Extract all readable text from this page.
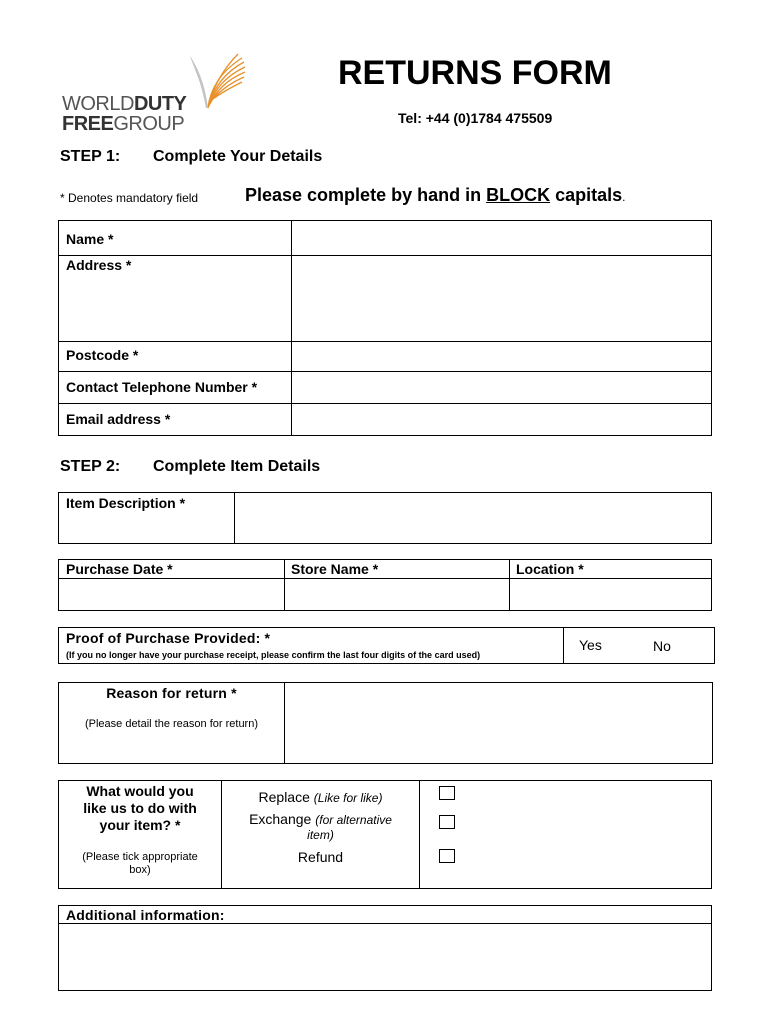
WORLDDUTY
FREEGROUP
RETURNS FORM
Tel: +44 (0)1784 475509
STEP 1: Complete Your Details
* Denotes mandatory field	Please complete by hand in BLOCK capitals.
Name *
Address *
Postcode *
Contact Telephone Number *
Email address *
STEP 2: Complete Item Details
Item Description *
Purchase Date *	Store Name *	Location *
Proof of Purchase Provided: *
(If you no longer have your purchase receipt, please confirm the last four digits of the card used)
Yes	No
Reason for return *
(Please detail the reason for return)
What would you
like us to do with
your item? *
(Please tick appropriate
box)
Replace (Like for like)
Exchange (for alternative
item)
Refund
Additional information:
